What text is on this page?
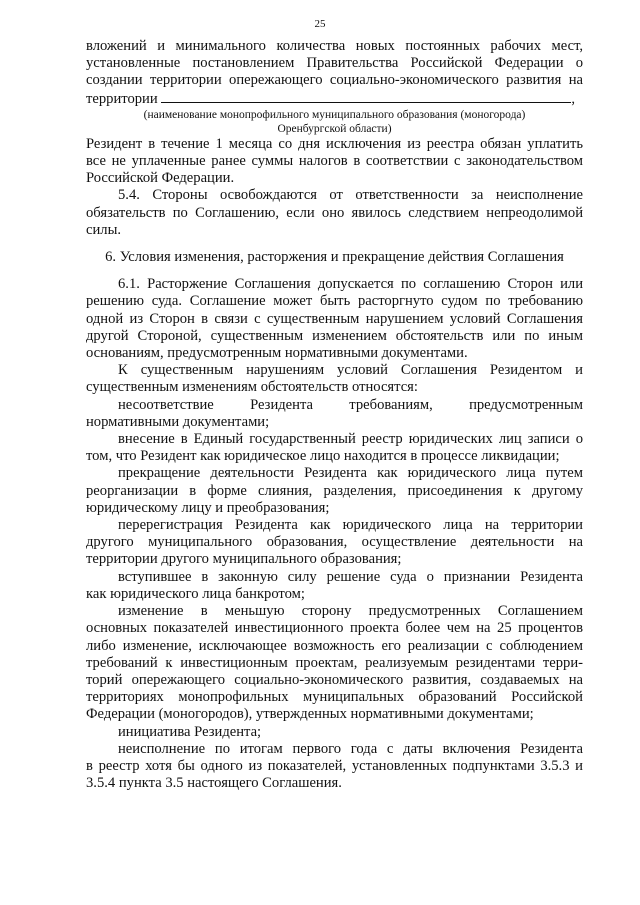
25
вложений и минимального количества новых постоянных рабочих мест,
установленные постановлением Правительства Российской Федерации о
создании территории опережающего социально-экономического развития на
территории	,
(наименование монопрофильного муниципального образования (моногорода)
Оренбургской области)
Резидент в течение 1 месяца со дня исключения из реестра обязан уплатить
все не уплаченные ранее суммы налогов в соответствии с законодательством
Российской Федерации.
5.4. Стороны освобождаются от ответственности за неисполнение
обязательств по Соглашению, если оно явилось следствием непреодолимой
силы.
6. Условия изменения, расторжения и прекращение действия Соглашения
6.1. Расторжение Соглашения допускается по соглашению Сторон или
решению суда. Соглашение может быть расторгнуто судом по требованию
одной из Сторон в связи с существенным нарушением условий Соглашения
другой Стороной, существенным изменением обстоятельств или по иным
основаниям, предусмотренным нормативными документами.
К существенным нарушениям условий Соглашения Резидентом и
существенным изменениям обстоятельств относятся:
несоответствие Резидента требованиям, предусмотренным
нормативными документами;
внесение в Единый государственный реестр юридических лиц записи о
том, что Резидент как юридическое лицо находится в процессе ликвидации;
прекращение деятельности Резидента как юридического лица путем
реорганизации в форме слияния, разделения, присоединения к другому
юридическому лицу и преобразования;
перерегистрация Резидента как юридического лица на территории
другого муниципального образования, осуществление деятельности на
территории другого муниципального образования;
вступившее в законную силу решение суда о признании Резидента
как юридического лица банкротом;
изменение в меньшую сторону предусмотренных Соглашением
основных показателей инвестиционного проекта более чем на 25 процентов
либо изменение, исключающее возможность его реализации с соблюдением
требований к инвестиционным проектам, реализуемым резидентами терри-
торий опережающего социально-экономического развития, создаваемых на
территориях монопрофильных муниципальных образований Российской
Федерации (моногородов), утвержденных нормативными документами;
инициатива Резидента;
неисполнение по итогам первого года с даты включения Резидента
в реестр хотя бы одного из показателей, установленных подпунктами 3.5.3 и
3.5.4 пункта 3.5 настоящего Соглашения.
